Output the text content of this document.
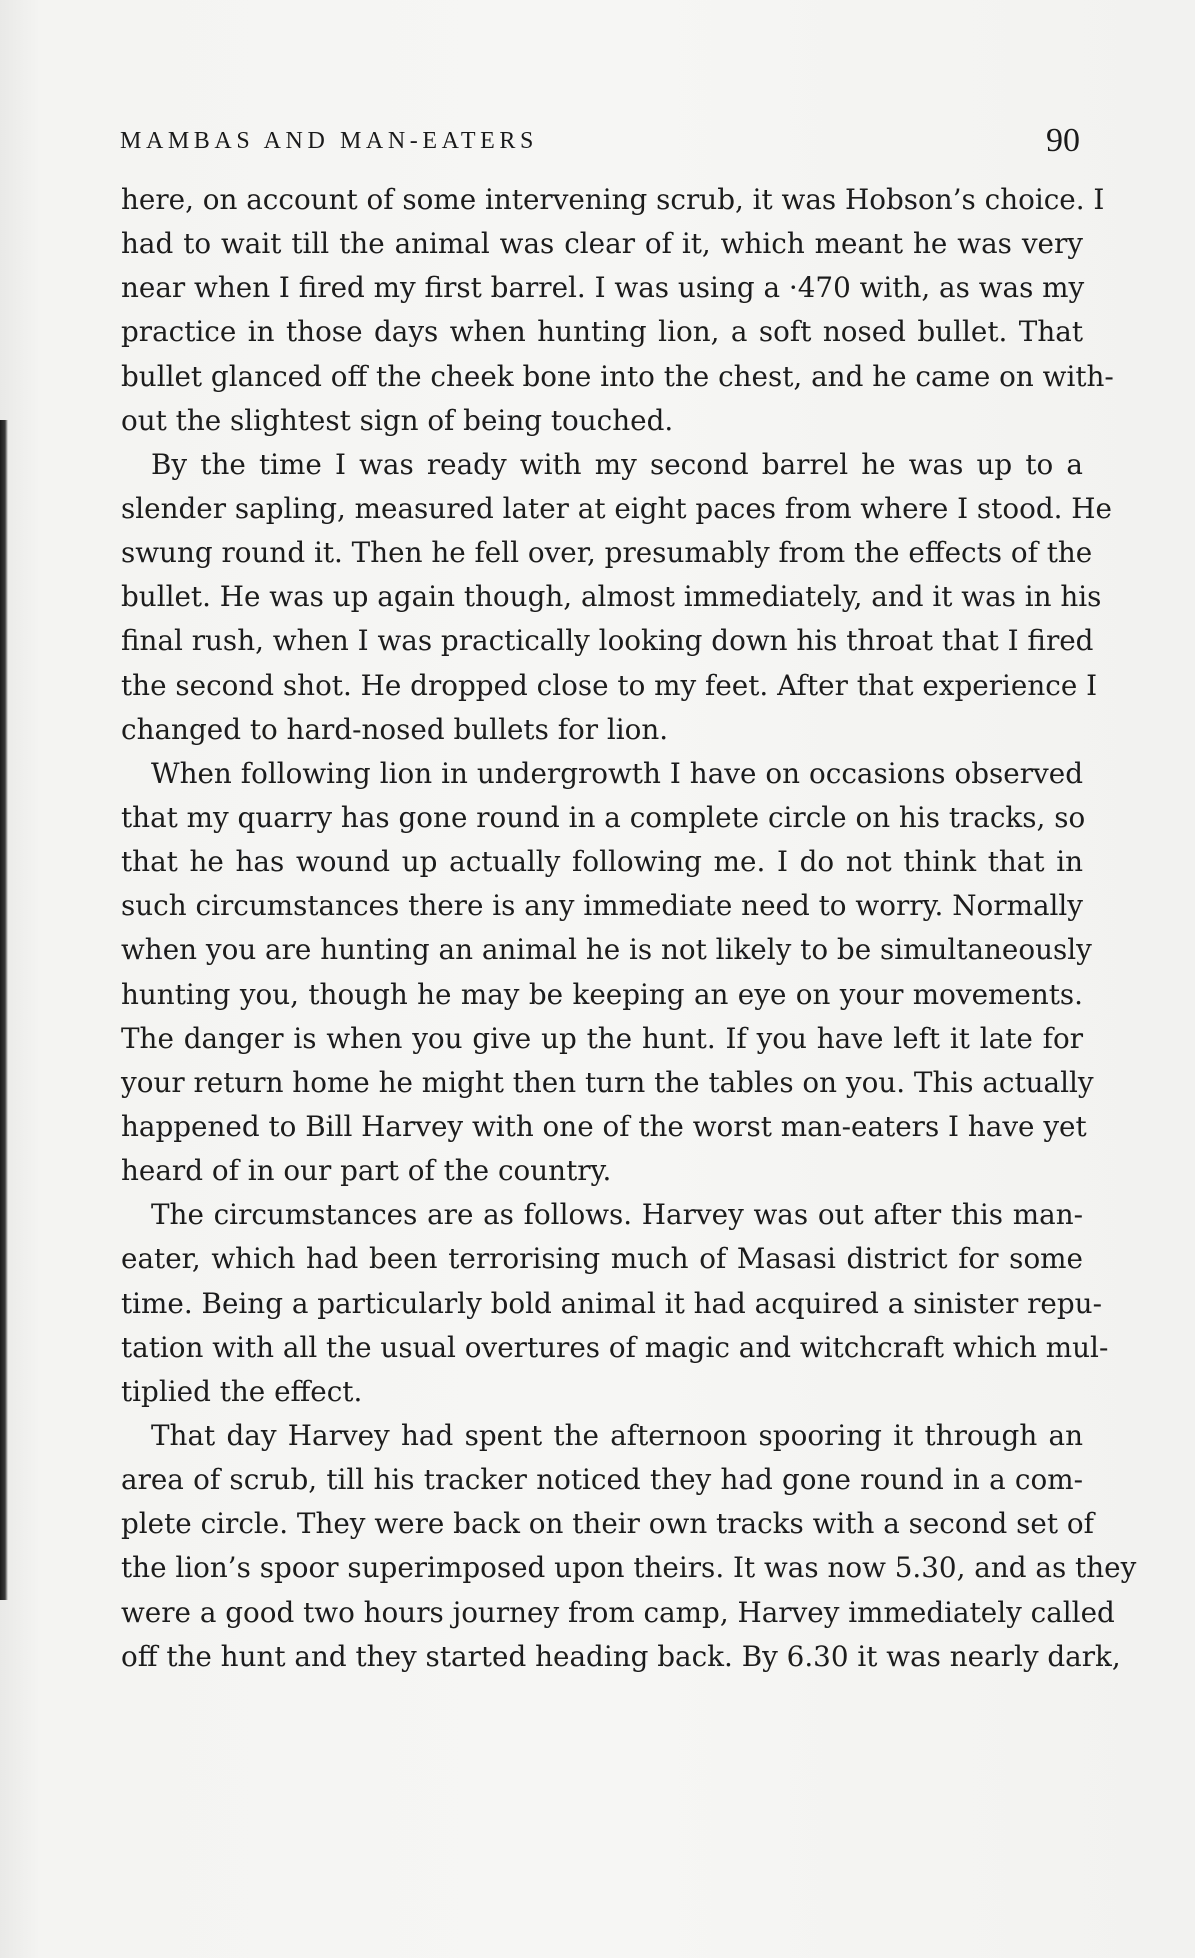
MAMBAS AND MAN-EATERS	90
here, on account of some intervening scrub, it was Hobson’s choice. I
had to wait till the animal was clear of it, which meant he was very
near when I fired my first barrel. I was using a ·470 with, as was my
practice in those days when hunting lion, a soft nosed bullet. That
bullet glanced off the cheek bone into the chest, and he came on with-
out the slightest sign of being touched.
By the time I was ready with my second barrel he was up to a
slender sapling, measured later at eight paces from where I stood. He
swung round it. Then he fell over, presumably from the effects of the
bullet. He was up again though, almost immediately, and it was in his
final rush, when I was practically looking down his throat that I fired
the second shot. He dropped close to my feet. After that experience I
changed to hard-nosed bullets for lion.
When following lion in undergrowth I have on occasions observed
that my quarry has gone round in a complete circle on his tracks, so
that he has wound up actually following me. I do not think that in
such circumstances there is any immediate need to worry. Normally
when you are hunting an animal he is not likely to be simultaneously
hunting you, though he may be keeping an eye on your movements.
The danger is when you give up the hunt. If you have left it late for
your return home he might then turn the tables on you. This actually
happened to Bill Harvey with one of the worst man-eaters I have yet
heard of in our part of the country.
The circumstances are as follows. Harvey was out after this man-
eater, which had been terrorising much of Masasi district for some
time. Being a particularly bold animal it had acquired a sinister repu-
tation with all the usual overtures of magic and witchcraft which mul-
tiplied the effect.
That day Harvey had spent the afternoon spooring it through an
area of scrub, till his tracker noticed they had gone round in a com-
plete circle. They were back on their own tracks with a second set of
the lion’s spoor superimposed upon theirs. It was now 5.30, and as they
were a good two hours journey from camp, Harvey immediately called
off the hunt and they started heading back. By 6.30 it was nearly dark,
